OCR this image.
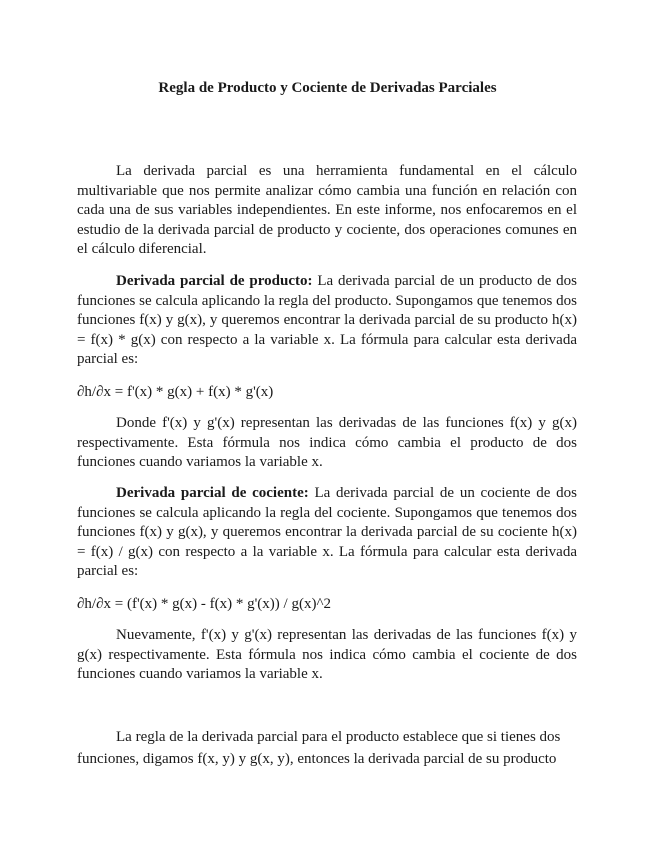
Regla de Producto y Cociente de Derivadas Parciales

La derivada parcial es una herramienta fundamental en el cálculo multivariable que nos permite analizar cómo cambia una función en relación con cada una de sus variables independientes. En este informe, nos enfocaremos en el estudio de la derivada parcial de producto y cociente, dos operaciones comunes en el cálculo diferencial.

Derivada parcial de producto: La derivada parcial de un producto de dos funciones se calcula aplicando la regla del producto. Supongamos que tenemos dos funciones f(x) y g(x), y queremos encontrar la derivada parcial de su producto h(x) = f(x) * g(x) con respecto a la variable x. La fórmula para calcular esta derivada parcial es:

∂h/∂x = f'(x) * g(x) + f(x) * g'(x)

Donde f'(x) y g'(x) representan las derivadas de las funciones f(x) y g(x) respectivamente. Esta fórmula nos indica cómo cambia el producto de dos funciones cuando variamos la variable x.

Derivada parcial de cociente: La derivada parcial de un cociente de dos funciones se calcula aplicando la regla del cociente. Supongamos que tenemos dos funciones f(x) y g(x), y queremos encontrar la derivada parcial de su cociente h(x) = f(x) / g(x) con respecto a la variable x. La fórmula para calcular esta derivada parcial es:

∂h/∂x = (f'(x) * g(x) - f(x) * g'(x)) / g(x)^2

Nuevamente, f'(x) y g'(x) representan las derivadas de las funciones f(x) y g(x) respectivamente. Esta fórmula nos indica cómo cambia el cociente de dos funciones cuando variamos la variable x.

La regla de la derivada parcial para el producto establece que si tienes dos funciones, digamos f(x, y) y g(x, y), entonces la derivada parcial de su producto
